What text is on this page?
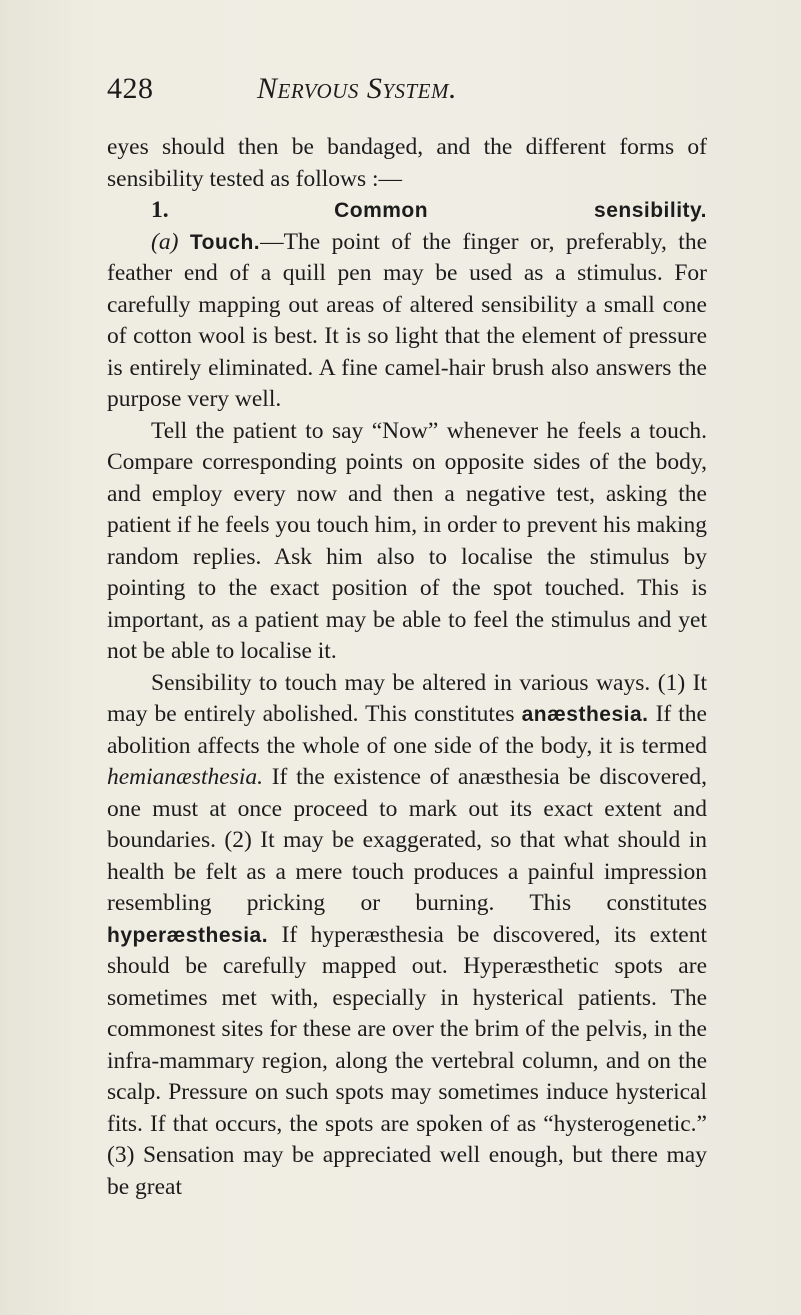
428	Nervous System.

eyes should then be bandaged, and the different forms of sensibility tested as follows :—

1.	Common sensibility.

(a) Touch.—The point of the finger or, preferably, the feather end of a quill pen may be used as a stimulus. For carefully mapping out areas of altered sensibility a small cone of cotton wool is best. It is so light that the element of pressure is entirely eliminated. A fine camel-hair brush also answers the purpose very well.

Tell the patient to say “Now” whenever he feels a touch. Compare corresponding points on opposite sides of the body, and employ every now and then a negative test, asking the patient if he feels you touch him, in order to prevent his making random replies. Ask him also to localise the stimulus by pointing to the exact position of the spot touched. This is important, as a patient may be able to feel the stimulus and yet not be able to localise it.

Sensibility to touch may be altered in various ways. (1) It may be entirely abolished. This constitutes anæsthesia. If the abolition affects the whole of one side of the body, it is termed hemianæsthesia. If the existence of anæsthesia be discovered, one must at once proceed to mark out its exact extent and boundaries. (2) It may be exaggerated, so that what should in health be felt as a mere touch produces a painful impression resembling pricking or burning. This constitutes hyperæsthesia. If hyperæsthesia be discovered, its extent should be carefully mapped out. Hyperæsthetic spots are sometimes met with, especially in hysterical patients. The commonest sites for these are over the brim of the pelvis, in the infra-mammary region, along the vertebral column, and on the scalp. Pressure on such spots may sometimes induce hysterical fits. If that occurs, the spots are spoken of as “hysterogenetic.” (3) Sensation may be appreciated well enough, but there may be great
